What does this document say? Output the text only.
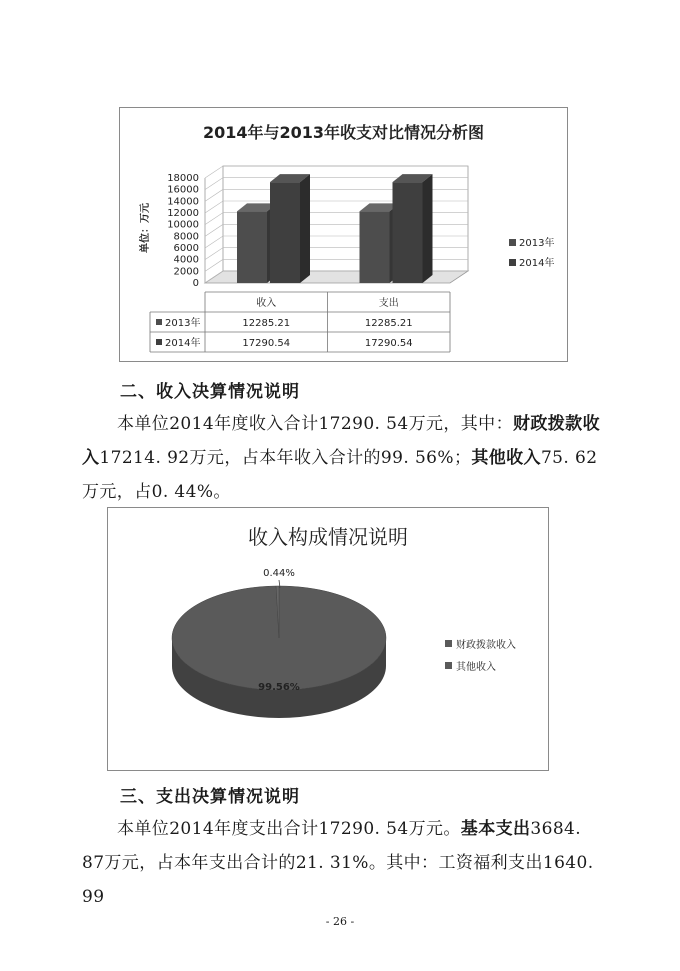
2014年与2013年收支对比情况分析图
0
2000
4000
6000
8000
10000
12000
14000
16000
18000
单位：万元
收入	支出
2013年	12285.21	12285.21
2014年	17290.54	17290.54
2013年
2014年
二、收入决算情况说明
本单位2014年度收入合计17290. 54万元，其中：财政拨款收入17214. 92万元，占本年收入合计的99. 56%；其他收入75. 62万元，占0. 44%。
收入构成情况说明
99.56%
0.44%
财政拨款收入
其他收入
三、支出决算情况说明
本单位2014年度支出合计17290. 54万元。基本支出3684. 87万元，占本年支出合计的21. 31%。其中：工资福利支出1640. 99
- 26 -
